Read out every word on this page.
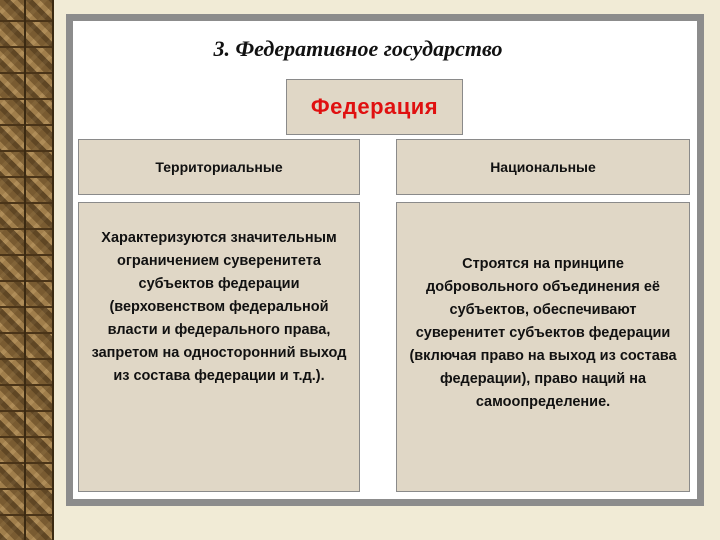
3. Федеративное государство
Федерация
Территориальные	Национальные
Характеризуются значительным ограничением суверенитета субъектов федерации (верховенством федеральной власти и федерального права, запретом на односторонний выход из состава федерации и т.д.).
Строятся на принципе добровольного объединения её субъектов, обеспечивают суверенитет субъектов федерации (включая право на выход из состава федерации), право наций на самоопределение.
